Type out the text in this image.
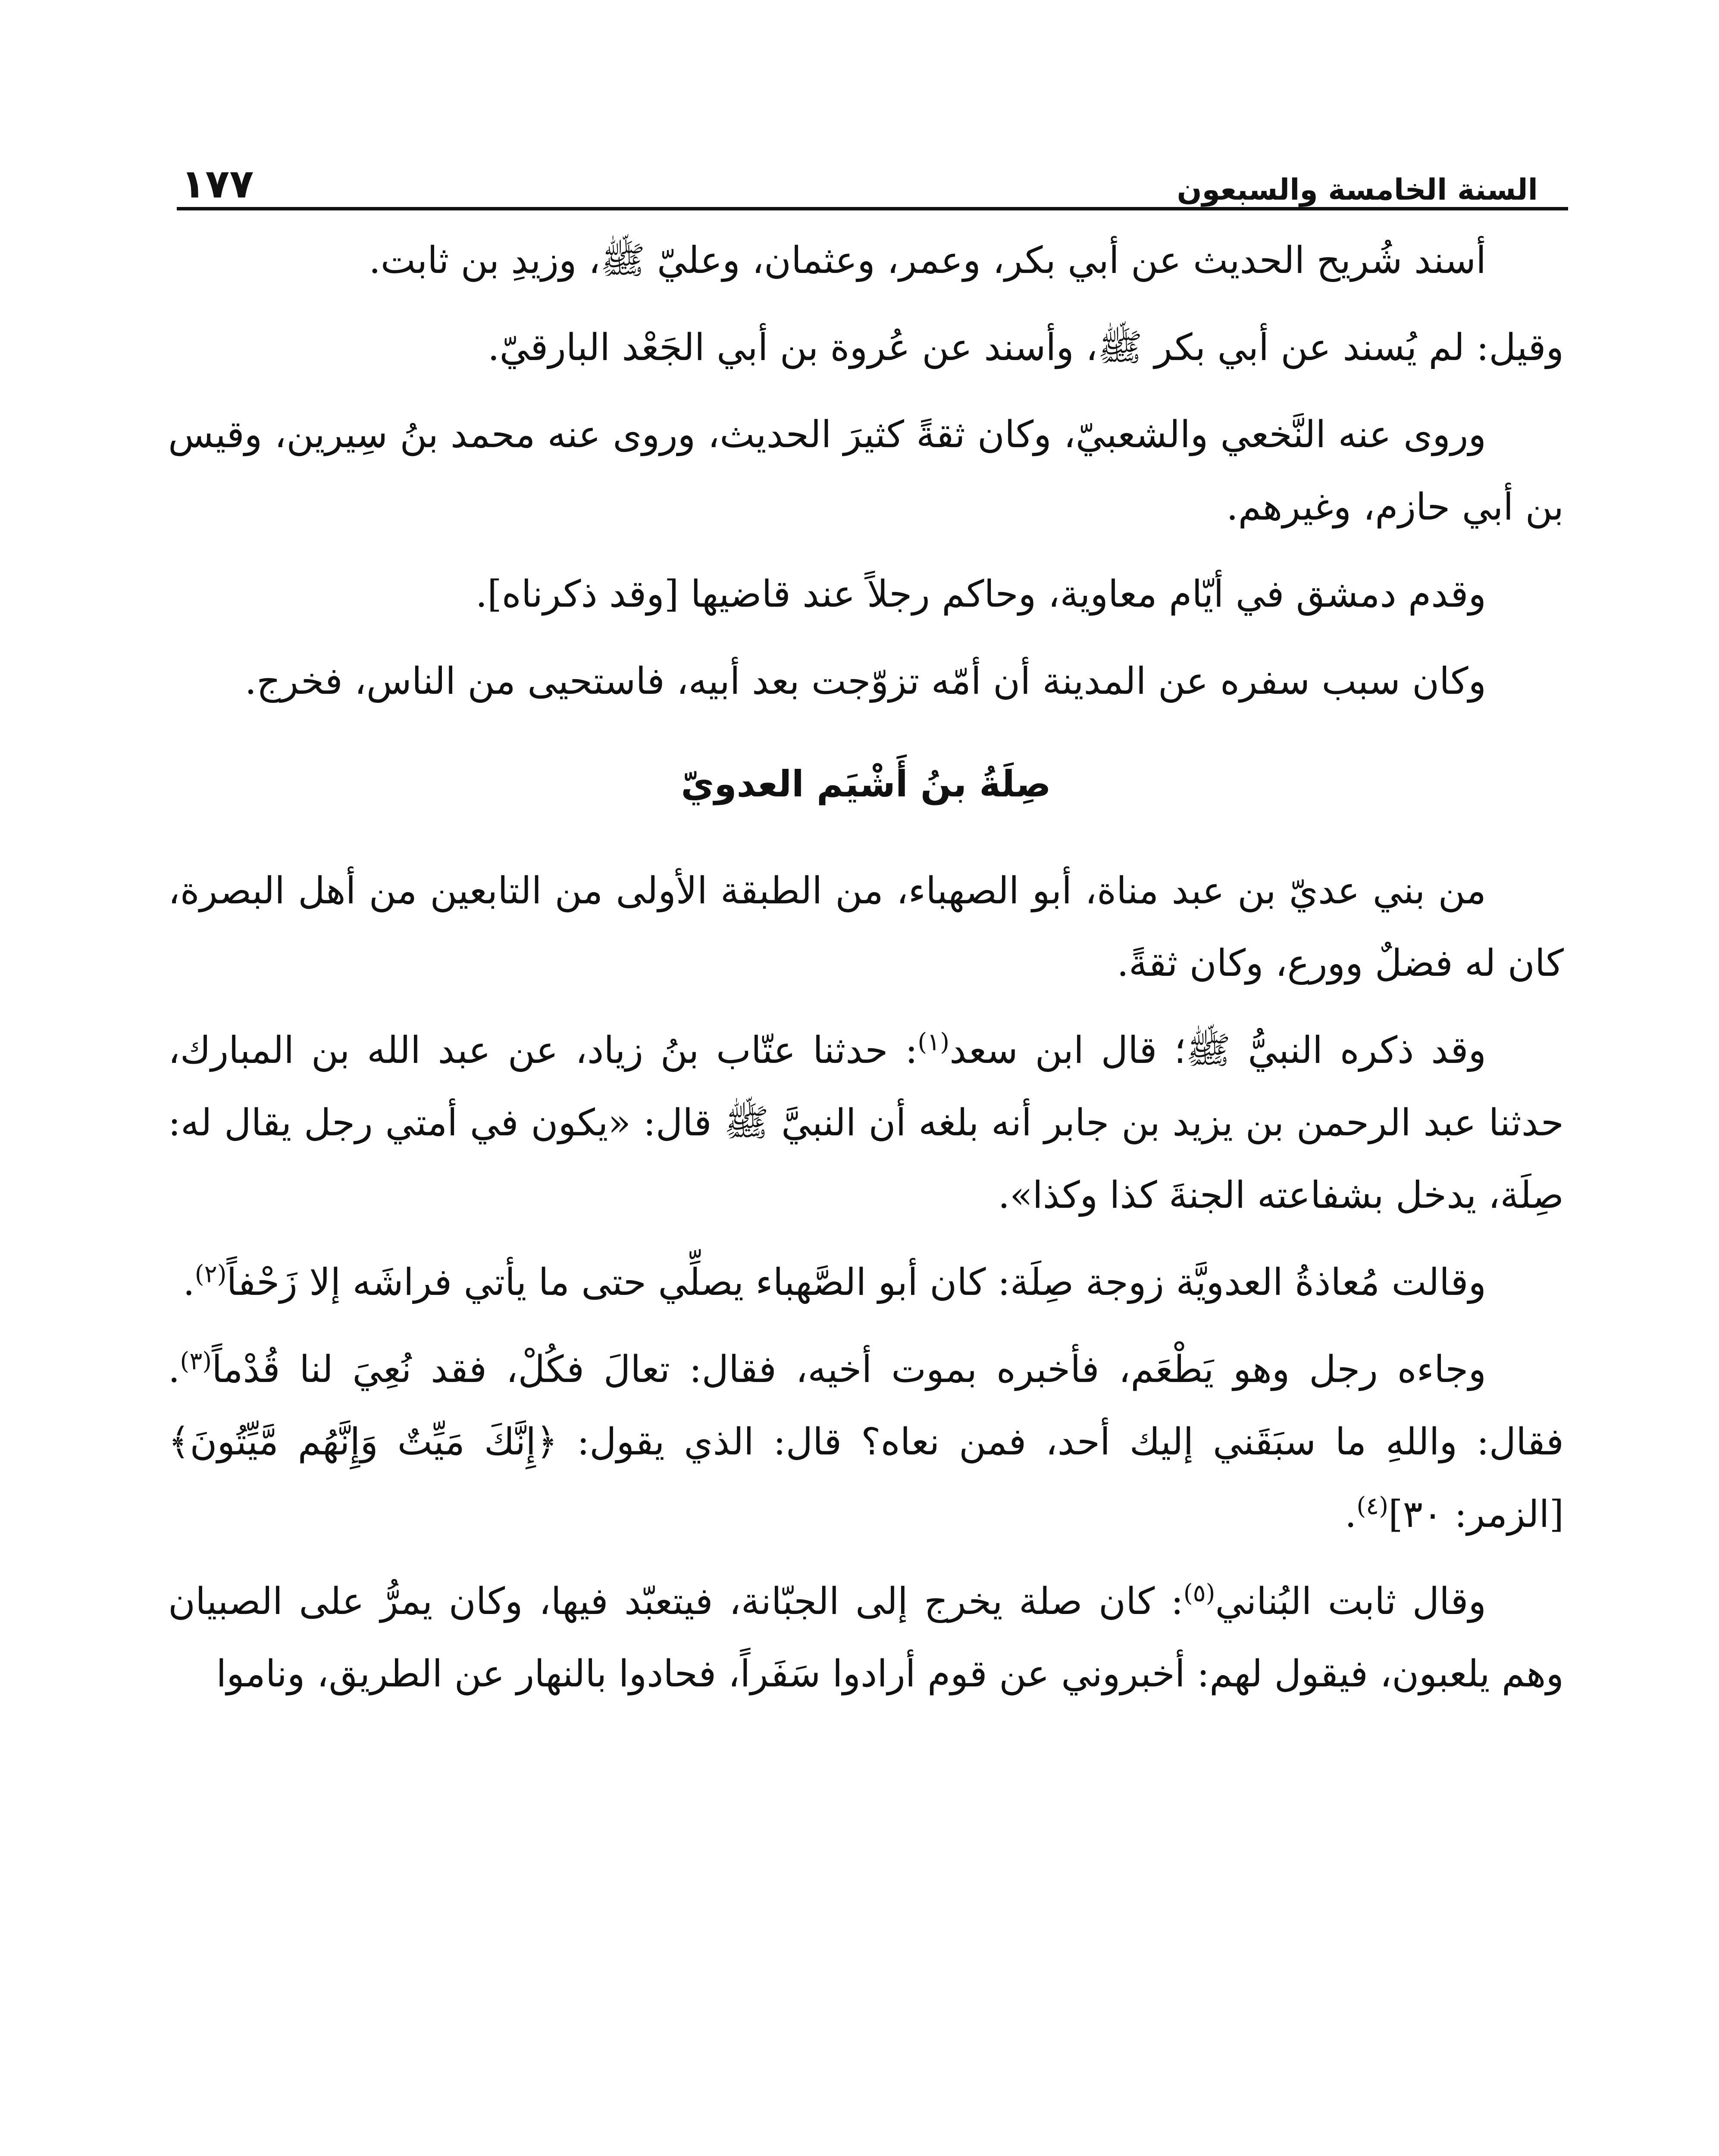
السنة الخامسة والسبعون
١٧٧

أسند شُريح الحديث عن أبي بكر، وعمر، وعثمان، وعليّ ﷺ، وزيدِ بن ثابت.

وقيل: لم يُسند عن أبي بكر ﷺ، وأسند عن عُروة بن أبي الجَعْد البارقيّ.

وروى عنه النَّخعي والشعبيّ، وكان ثقةً كثيرَ الحديث، وروى عنه محمد بنُ سِيرين، وقيس بن أبي حازم، وغيرهم.

وقدم دمشق في أيّام معاوية، وحاكم رجلاً عند قاضيها [وقد ذكرناه].

وكان سبب سفره عن المدينة أن أمّه تزوّجت بعد أبيه، فاستحيى من الناس، فخرج.

صِلَةُ بنُ أَشْيَم العدويّ

من بني عديّ بن عبد مناة، أبو الصهباء، من الطبقة الأولى من التابعين من أهل البصرة، كان له فضلٌ وورع، وكان ثقةً.

وقد ذكره النبيُّ ﷺ؛ قال ابن سعد$^{(١)}$: حدثنا عتّاب بنُ زياد، عن عبد الله بن المبارك، حدثنا عبد الرحمن بن يزيد بن جابر أنه بلغه أن النبيَّ ﷺ قال: «يكون في أمتي رجل يقال له: صِلَة، يدخل بشفاعته الجنةَ كذا وكذا».

وقالت مُعاذةُ العدويَّة زوجة صِلَة: كان أبو الصَّهباء يصلِّي حتى ما يأتي فراشَه إلا زَحْفاً$^{(٢)}$.

وجاءه رجل وهو يَطْعَم، فأخبره بموت أخيه، فقال: تعالَ فكُلْ، فقد نُعِيَ لنا قُدْماً$^{(٣)}$. فقال: واللهِ ما سبَقَني إليك أحد، فمن نعاه؟ قال: الذي يقول: ﴿إِنَّكَ مَيِّتٌ وَإِنَّهُم مَّيِّتُونَ﴾[الزمر: ٣٠]$^{(٤)}$.

وقال ثابت البُناني$^{(٥)}$: كان صلة يخرج إلى الجبّانة، فيتعبّد فيها، وكان يمرُّ على الصبيان وهم يلعبون، فيقول لهم: أخبروني عن قوم أرادوا سَفَراً، فحادوا بالنهار عن الطريق، وناموا
